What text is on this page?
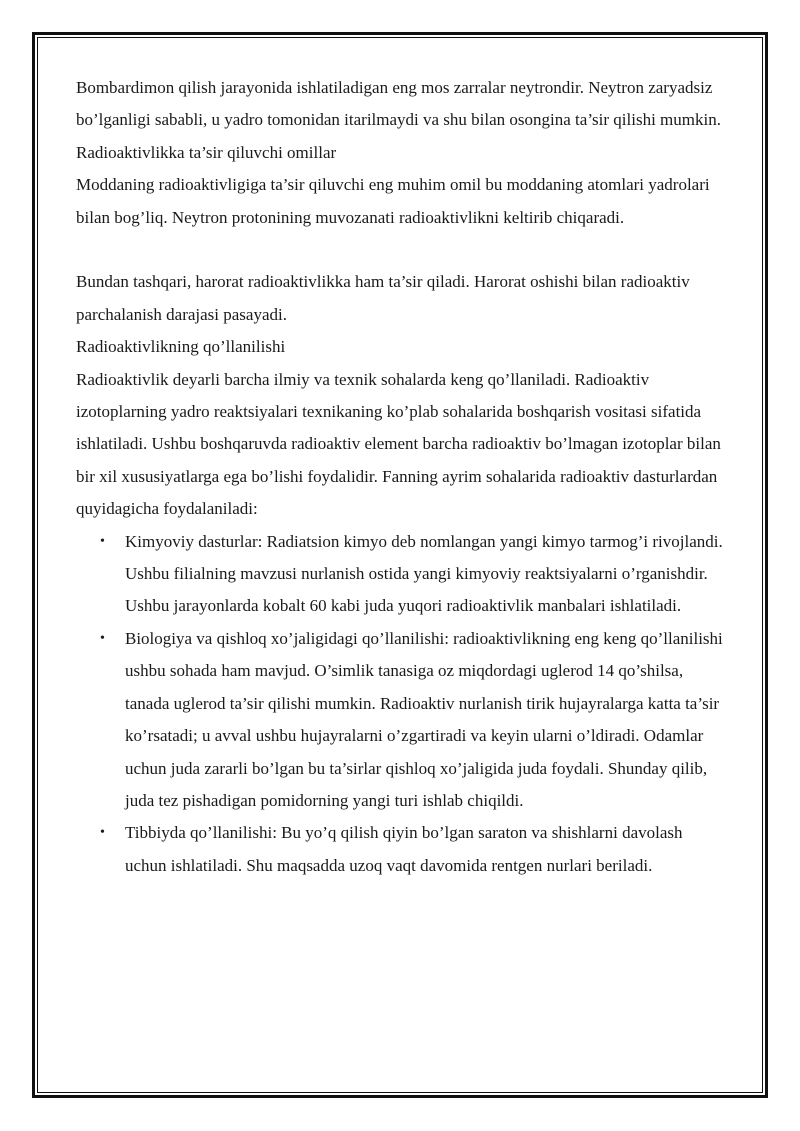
Bombardimon qilish jarayonida ishlatiladigan eng mos zarralar neytrondir. Neytron zaryadsiz bo’lganligi sababli, u yadro tomonidan itarilmaydi va shu bilan osongina ta’sir qilishi mumkin.

Radioaktivlikka ta’sir qiluvchi omillar

Moddaning radioaktivligiga ta’sir qiluvchi eng muhim omil bu moddaning atomlari yadrolari bilan bog’liq. Neytron protonining muvozanati radioaktivlikni keltirib chiqaradi.

Bundan tashqari, harorat radioaktivlikka ham ta’sir qiladi. Harorat oshishi bilan radioaktiv parchalanish darajasi pasayadi.

Radioaktivlikning qo’llanilishi

Radioaktivlik deyarli barcha ilmiy va texnik sohalarda keng qo’llaniladi. Radioaktiv izotoplarning yadro reaktsiyalari texnikaning ko’plab sohalarida boshqarish vositasi sifatida ishlatiladi. Ushbu boshqaruvda radioaktiv element barcha radioaktiv bo’lmagan izotoplar bilan bir xil xususiyatlarga ega bo’lishi foydalidir. Fanning ayrim sohalarida radioaktiv dasturlardan quyidagicha foydalaniladi:

• Kimyoviy dasturlar: Radiatsion kimyo deb nomlangan yangi kimyo tarmog’i rivojlandi. Ushbu filialning mavzusi nurlanish ostida yangi kimyoviy reaktsiyalarni o’rganishdir. Ushbu jarayonlarda kobalt 60 kabi juda yuqori radioaktivlik manbalari ishlatiladi.
• Biologiya va qishloq xo’jaligidagi qo’llanilishi: radioaktivlikning eng keng qo’llanilishi ushbu sohada ham mavjud. O’simlik tanasiga oz miqdordagi uglerod 14 qo’shilsa, tanada uglerod ta’sir qilishi mumkin. Radioaktiv nurlanish tirik hujayralarga katta ta’sir ko’rsatadi; u avval ushbu hujayralarni o’zgartiradi va keyin ularni o’ldiradi. Odamlar uchun juda zararli bo’lgan bu ta’sirlar qishloq xo’jaligida juda foydali. Shunday qilib, juda tez pishadigan pomidorning yangi turi ishlab chiqildi.
• Tibbiyda qo’llanilishi: Bu yo’q qilish qiyin bo’lgan saraton va shishlarni davolash uchun ishlatiladi. Shu maqsadda uzoq vaqt davomida rentgen nurlari beriladi.
